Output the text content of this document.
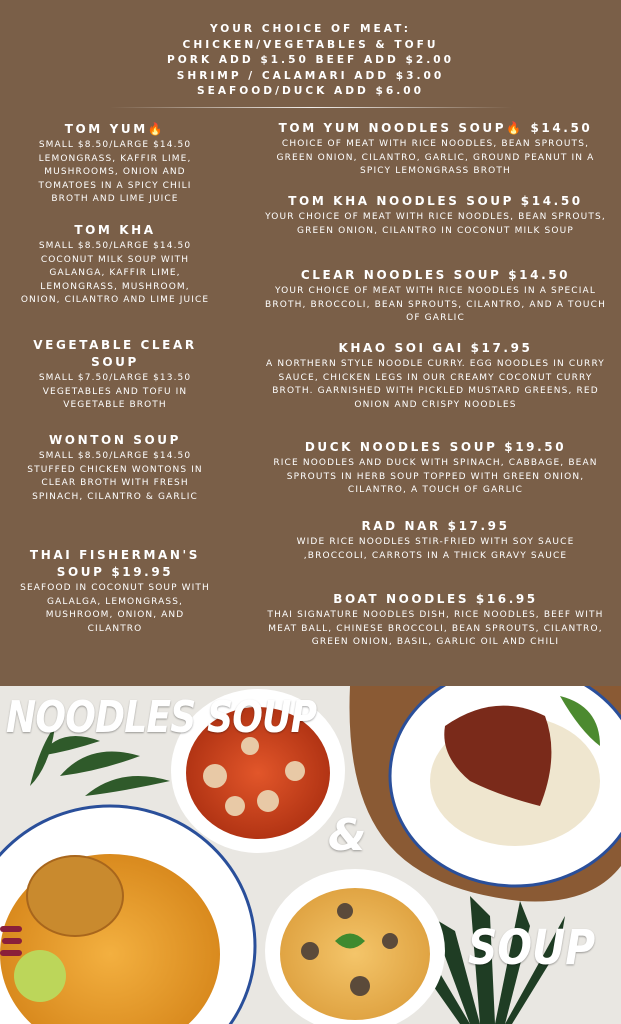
YOUR CHOICE OF MEAT:
CHICKEN/VEGETABLES & TOFU
PORK ADD $1.50 BEEF ADD $2.00
SHRIMP / CALAMARI ADD $3.00
SEAFOOD/DUCK ADD $6.00
TOM YUM🔥
SMALL $8.50/LARGE $14.50 LEMONGRASS, KAFFIR LIME, MUSHROOMS, ONION AND TOMATOES IN A SPICY CHILI BROTH AND LIME JUICE
TOM KHA
SMALL $8.50/LARGE $14.50 COCONUT MILK SOUP WITH GALANGA, KAFFIR LIME, LEMONGRASS, MUSHROOM, ONION, CILANTRO AND LIME JUICE
VEGETABLE CLEAR SOUP
SMALL $7.50/LARGE $13.50 VEGETABLES AND TOFU IN VEGETABLE BROTH
WONTON SOUP
SMALL $8.50/LARGE $14.50 STUFFED CHICKEN WONTONS IN CLEAR BROTH WITH FRESH SPINACH, CILANTRO & GARLIC
THAI FISHERMAN'S SOUP $19.95
SEAFOOD IN COCONUT SOUP WITH GALALGA, LEMONGRASS, MUSHROOM, ONION, AND CILANTRO
TOM YUM NOODLES SOUP🔥 $14.50
CHOICE OF MEAT WITH RICE NOODLES, BEAN SPROUTS, GREEN ONION, CILANTRO, GARLIC, GROUND PEANUT IN A SPICY LEMONGRASS BROTH
TOM KHA NOODLES SOUP $14.50
YOUR CHOICE OF MEAT WITH RICE NOODLES, BEAN SPROUTS, GREEN ONION, CILANTRO IN COCONUT MILK SOUP
CLEAR NOODLES SOUP $14.50
YOUR CHOICE OF MEAT WITH RICE NOODLES IN A SPECIAL BROTH, BROCCOLI, BEAN SPROUTS, CILANTRO, AND A TOUCH OF GARLIC
KHAO SOI GAI $17.95
A NORTHERN STYLE NOODLE CURRY. EGG NOODLES IN CURRY SAUCE, CHICKEN LEGS IN OUR CREAMY COCONUT CURRY BROTH. GARNISHED WITH PICKLED MUSTARD GREENS, RED ONION AND CRISPY NOODLES
DUCK NOODLES SOUP $19.50
RICE NOODLES AND DUCK WITH SPINACH, CABBAGE, BEAN SPROUTS IN HERB SOUP TOPPED WITH GREEN ONION, CILANTRO, A TOUCH OF GARLIC
RAD NAR $17.95
WIDE RICE NOODLES STIR-FRIED WITH SOY SAUCE ,BROCCOLI, CARROTS IN A THICK GRAVY SAUCE
BOAT NOODLES $16.95
THAI SIGNATURE NOODLES DISH, RICE NOODLES, BEEF WITH MEAT BALL, CHINESE BROCCOLI, BEAN SPROUTS, CILANTRO, GREEN ONION, BASIL, GARLIC OIL AND CHILI
NOODLES SOUP
&
SOUP
